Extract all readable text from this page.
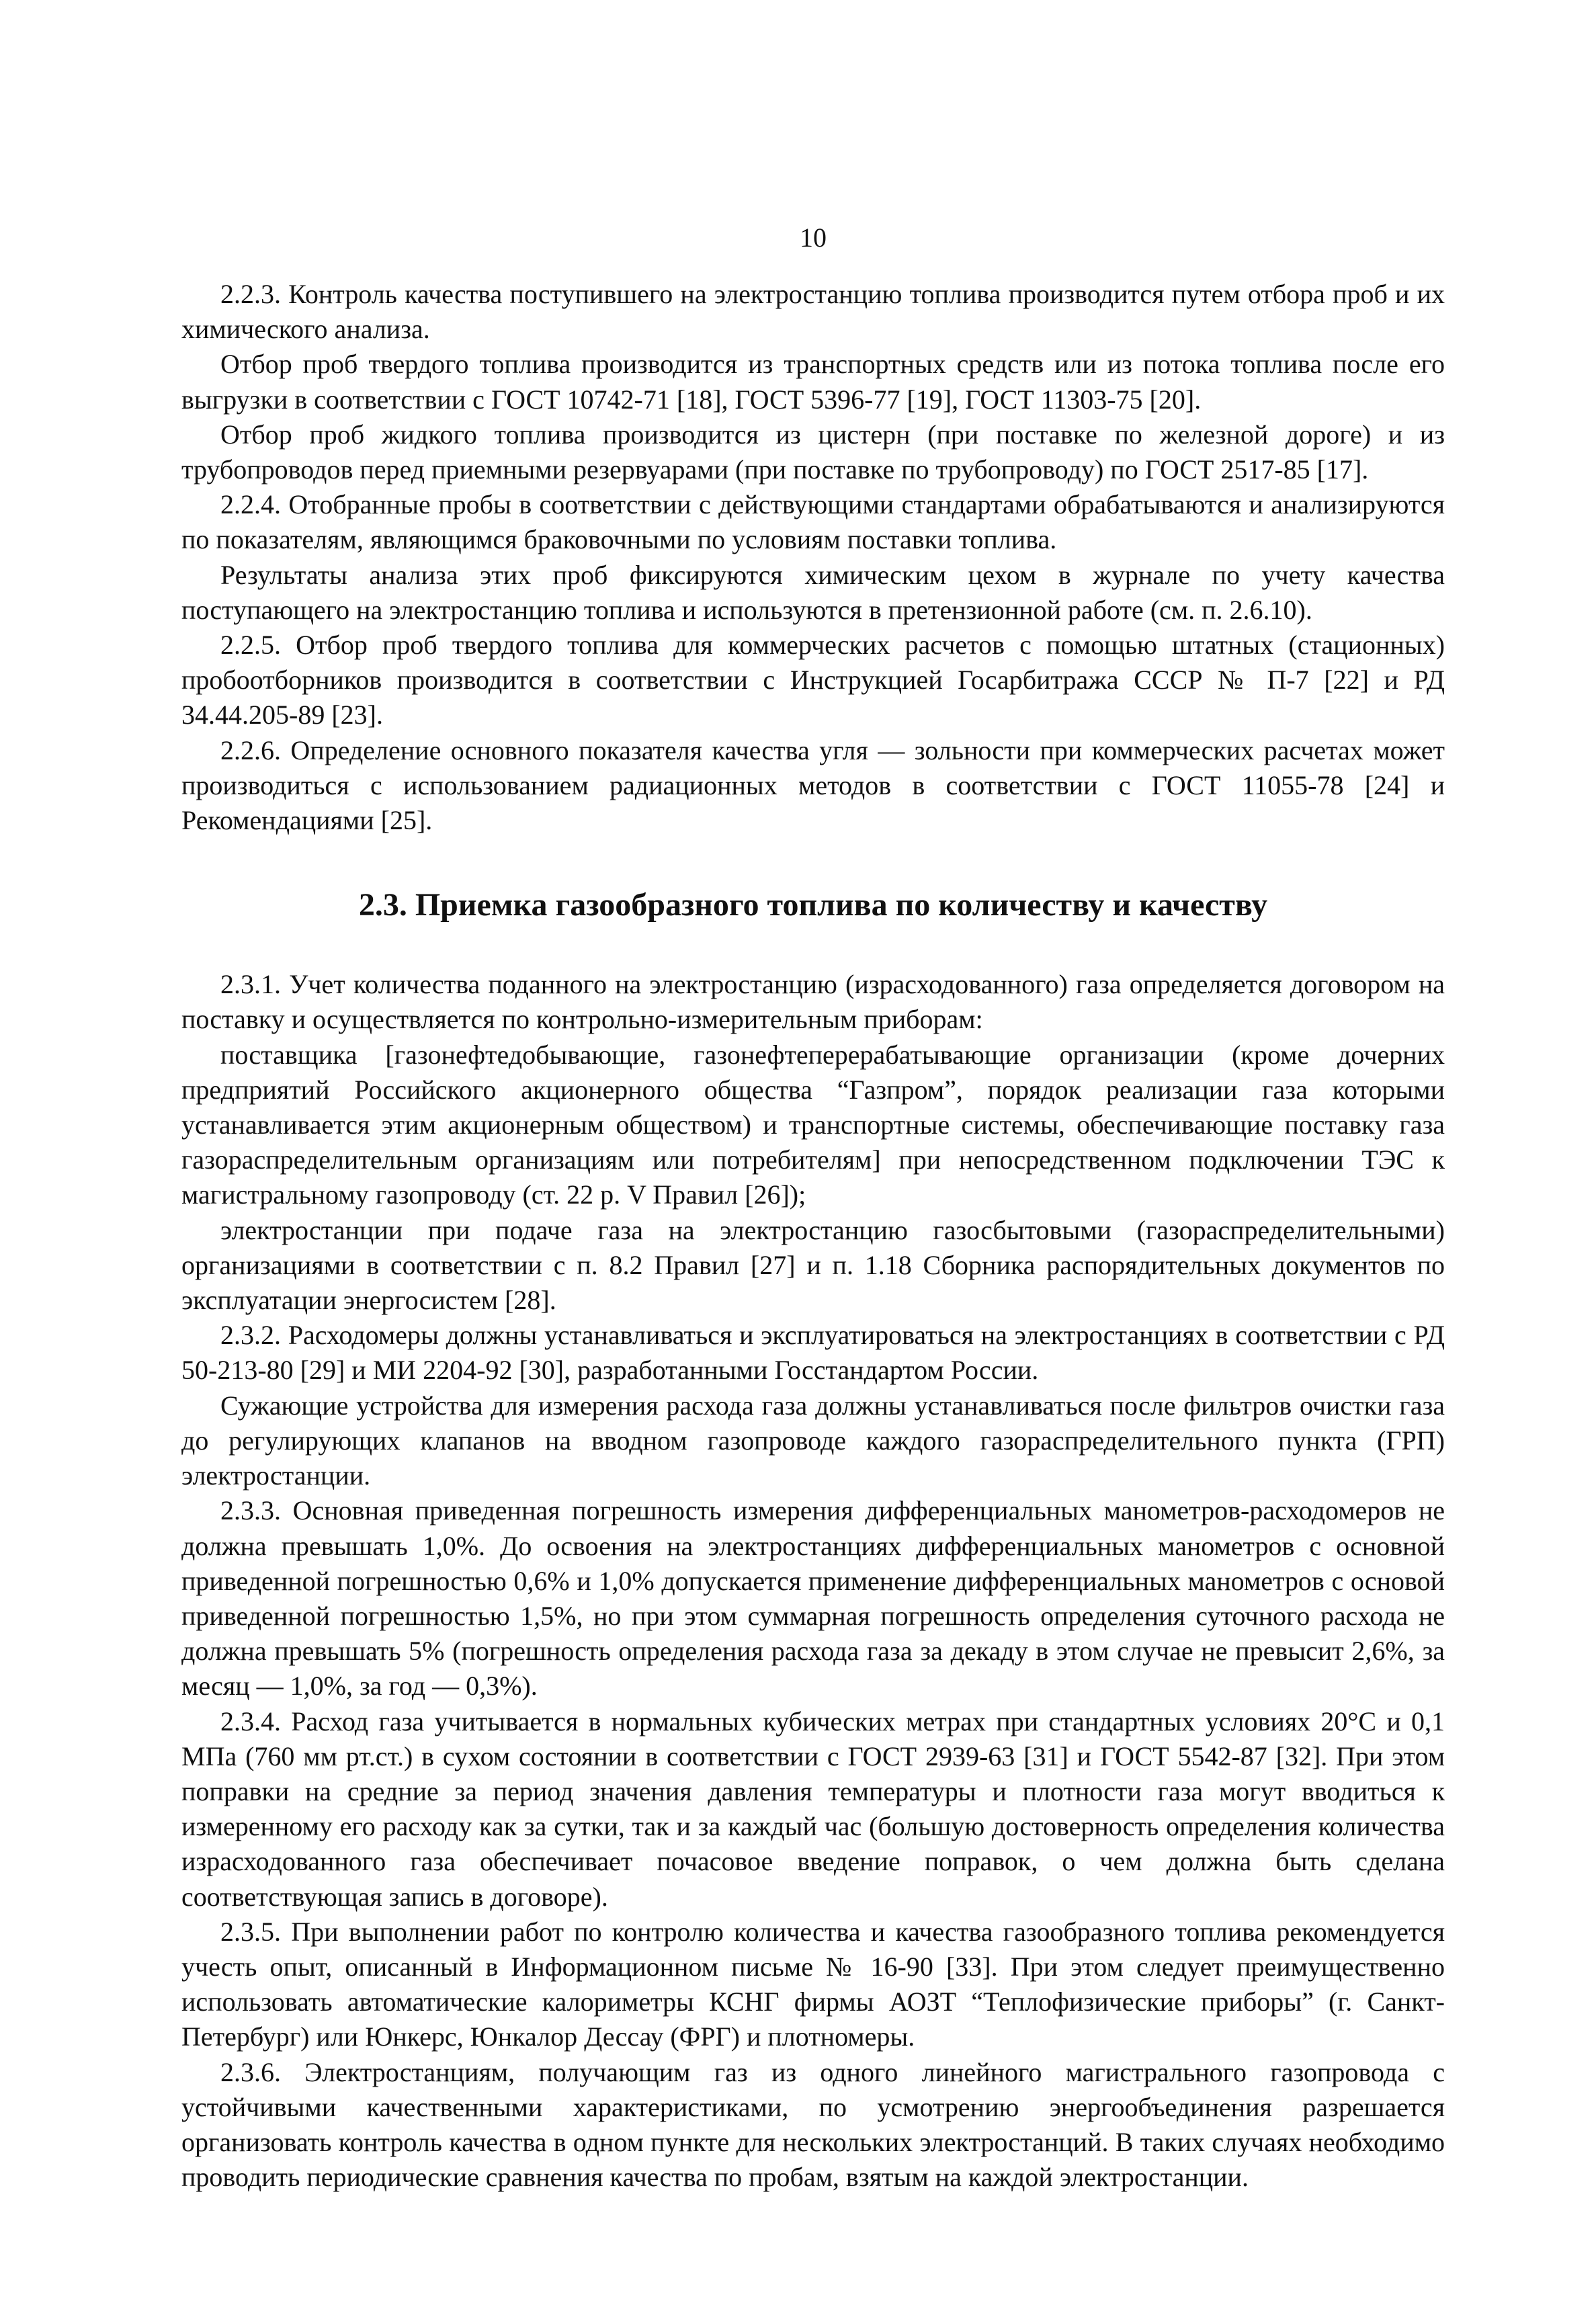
10

2.2.3. Контроль качества поступившего на электростанцию топлива производится путем отбора проб и их химического анализа.

Отбор проб твердого топлива производится из транспортных средств или из потока топлива после его выгрузки в соответствии с ГОСТ 10742-71 [18], ГОСТ 5396-77 [19], ГОСТ 11303-75 [20].

Отбор проб жидкого топлива производится из цистерн (при поставке по железной дороге) и из трубопроводов перед приемными резервуарами (при поставке по трубопроводу) по ГОСТ 2517-85 [17].

2.2.4. Отобранные пробы в соответствии с действующими стандартами обрабатываются и анализируются по показателям, являющимся браковочными по условиям поставки топлива.

Результаты анализа этих проб фиксируются химическим цехом в журнале по учету качества поступающего на электростанцию топлива и используются в претензионной работе (см. п. 2.6.10).

2.2.5. Отбор проб твердого топлива для коммерческих расчетов с помощью штатных (стационных) пробоотборников производится в соответствии с Инструкцией Госарбитража СССР № П-7 [22] и РД 34.44.205-89 [23].

2.2.6. Определение основного показателя качества угля — зольности при коммерческих расчетах может производиться с использованием радиационных методов в соответствии с ГОСТ 11055-78 [24] и Рекомендациями [25].

2.3. Приемка газообразного топлива по количеству и качеству

2.3.1. Учет количества поданного на электростанцию (израсходованного) газа определяется договором на поставку и осуществляется по контрольно-измерительным приборам:

поставщика [газонефтедобывающие, газонефтеперерабатывающие организации (кроме дочерних предприятий Российского акционерного общества “Газпром”, порядок реализации газа которыми устанавливается этим акционерным обществом) и транспортные системы, обеспечивающие поставку газа газораспределительным организациям или потребителям] при непосредственном подключении ТЭС к магистральному газопроводу (ст. 22 р. V Правил [26]);

электростанции при подаче газа на электростанцию газосбытовыми (газораспределительными) организациями в соответствии с п. 8.2 Правил [27] и п. 1.18 Сборника распорядительных документов по эксплуатации энергосистем [28].

2.3.2. Расходомеры должны устанавливаться и эксплуатироваться на электростанциях в соответствии с РД 50-213-80 [29] и МИ 2204-92 [30], разработанными Госстандартом России.

Сужающие устройства для измерения расхода газа должны устанавливаться после фильтров очистки газа до регулирующих клапанов на вводном газопроводе каждого газораспределительного пункта (ГРП) электростанции.

2.3.3. Основная приведенная погрешность измерения дифференциальных манометров-расходомеров не должна превышать 1,0%. До освоения на электростанциях дифференциальных манометров с основной приведенной погрешностью 0,6% и 1,0% допускается применение дифференциальных манометров с основой приведенной погрешностью 1,5%, но при этом суммарная погрешность определения суточного расхода не должна превышать 5% (погрешность определения расхода газа за декаду в этом случае не превысит 2,6%, за месяц — 1,0%, за год — 0,3%).

2.3.4. Расход газа учитывается в нормальных кубических метрах при стандартных условиях 20°С и 0,1 МПа (760 мм рт.ст.) в сухом состоянии в соответствии с ГОСТ 2939-63 [31] и ГОСТ 5542-87 [32]. При этом поправки на средние за период значения давления температуры и плотности газа могут вводиться к измеренному его расходу как за сутки, так и за каждый час (большую достоверность определения количества израсходованного газа обеспечивает почасовое введение поправок, о чем должна быть сделана соответствующая запись в договоре).

2.3.5. При выполнении работ по контролю количества и качества газообразного топлива рекомендуется учесть опыт, описанный в Информационном письме № 16-90 [33]. При этом следует преимущественно использовать автоматические калориметры КСНГ фирмы АОЗТ “Теплофизические приборы” (г. Санкт-Петербург) или Юнкерс, Юнкалор Дессау (ФРГ) и плотномеры.

2.3.6. Электростанциям, получающим газ из одного линейного магистрального газопровода с устойчивыми качественными характеристиками, по усмотрению энергообъединения разрешается организовать контроль качества в одном пункте для нескольких электростанций. В таких случаях необходимо проводить периодические сравнения качества по пробам, взятым на каждой электростанции.
